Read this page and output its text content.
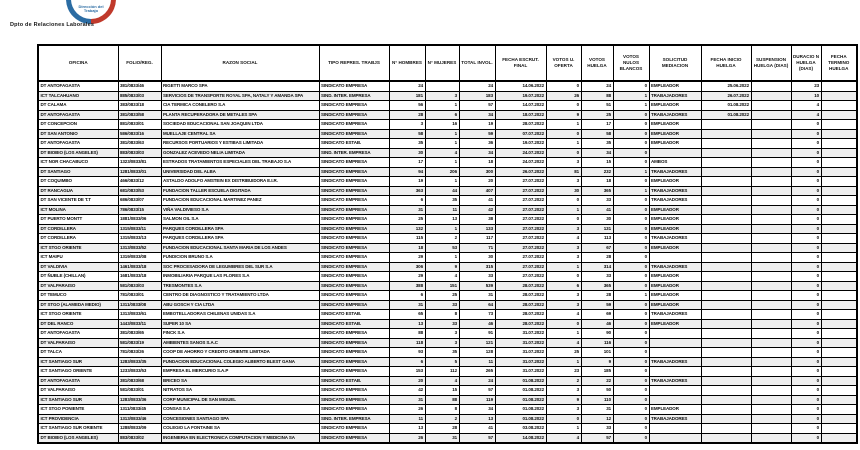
Dirección del
Trabajo
Dpto de Relaciones Laborales
OFICINA	FOLIO/REG.	RAZON SOCIAL	TIPO REPRES. TRABJS	N° HOMBRES	N° MUJERES	TOTAL INVOL.	FECHA ESCRUT. FINAL	VOTOS U. OFERTA	VOTOS HUELGA	VOTOS NULOS BLANCOS	SOLICITUD MEDIACION	FECHA INICIO HUELGA	SUSPENSION HUELGA (DIAS)	DURACIO N HUELGA (DIAS)	FECHA TERMINO HUELGA
DT ANTOFAGASTA	381/0833/46	RIGETTI MARCO SPA	SINDICATO EMPRESA	24		24	14.06.2022	0	24	0	EMPLEADOR	25.06.2022		23	
ICT TALCAHUANO	885/0833/03	SERVICIOS DE TRANSPORTE ROYAL SPA, NATALY Y AMANDA SPA	SIND. INTER. EMPRESA	181	3	183	19.07.2022	26	88	1	TRABAJADORES	26.07.2022		10	
DT CALAMA	383/0833/18	CIA TERMICA CONELERO S.A	SINDICATO EMPRESA	56	1	57	14.07.2022	0	51	1	EMPLEADOR	01.08.2022		4	
DT ANTOFAGASTA	381/0833/58	PLANTA RECUPERADORA DE METALES SPA	SINDICATO EMPRESA	28	6	34	18.07.2022	9	25	0	TRABAJADORES	01.08.2022		4	
DT CONCEPCION	881/0833/01	SOCIEDAD EDUCACIONAL SAN JOAQUIN LTDA	SINDICATO EMPRESA	3	16	19	28.07.2022	1	17	0	EMPLEADOR			0	
DT SAN ANTONIO	586/0833/16	MUELLAJE CENTRAL SA	SINDICATO EMPRESA	58	1	59	07.07.2022	0	58	0	EMPLEADOR			0	
DT ANTOFAGASTA	381/0833/63	RECURSOS PORTUARIOS Y ESTIBAS LIMITADA	SINDICATO ESTAB.	35	1	36	19.07.2022	1	35	0	EMPLEADOR			0	
DT BIOBIO (LOS ANGELES)	883/0833/03	GONZALEZ ACEVEDO NELIA LIMITADA	SIND. INTER. EMPRESA	30	4	34	24.07.2022	0	34	0				0	
ICT NOR CHACABUCO	1323/0833/81	ESTRADOS TRATAMIENTOS ESPECIALES DEL TRABAJO S.A	SINDICATO EMPRESA	17	1	18	24.07.2022	3	15	0	AMBOS			0	
DT SANTIAGO	1281/0833/01	UNIVERSIDAD DEL ALBA	SINDICATO EMPRESA	94	206	300	26.07.2022	81	232	1	TRABAJADORES			0	
DT COQUIMBO	466/0833/12	ASTALDO ADOLFO AMSTEIN EX DISTRIBUIDORA E.I.R.	SINDICATO EMPRESA	19	1	20	27.07.2022	3	18	0	EMPLEADOR			0	
DT RANCAGUA	681/0833/53	FUNDACION TALLER ESCUELA DIGITADA	SINDICATO EMPRESA	363	44	407	27.07.2022	30	365	1	TRABAJADORES			0	
DT SAN VICENTE DE T.T	686/0833/07	FUNDACION EDUCACIONAL MARTINEZ PANEZ	SINDICATO EMPRESA	6	35	41	27.07.2022	0	33	0	TRABAJADORES			0	
ICT MOLINA	786/0833/15	VIÑA VALDIVIESO S.A	SINDICATO EMPRESA	31	11	42	27.07.2022	1	41	0	EMPLEADOR			0	
DT PUERTO MONTT	1881/0833/06	SALMON OIL S.A	SINDICATO EMPRESA	25	13	38	27.07.2022	0	30	0	EMPLEADOR			0	
DT CORDILLERA	1315/0833/11	PARQUES CORDILLERA SPA	SINDICATO EMPRESA	132	1	133	27.07.2022	3	131	0	EMPLEADOR			0	
DT CORDILLERA	1315/0833/13	PARQUES CORDILLERA SPA	SINDICATO EMPRESA	115	2	117	27.07.2022	4	113	0	TRABAJADORES			0	
ICT STGO ORIENTE	1313/0833/52	FUNDACION EDUCACIONAL SANTA MARIA DE LOS ANDES	SINDICATO EMPRESA	18	53	71	27.07.2022	3	67	0	EMPLEADOR			0	
ICT MAIPU	1319/0833/08	FUNDICION BRUNO S.A	SINDICATO EMPRESA	29	1	30	27.07.2022	3	28	0				0	
DT VALDIVIA	1461/0833/18	SOC PROCESADORA DE LEGUMBRES DEL SUR S.A	SINDICATO EMPRESA	306	9	315	27.07.2022	1	314	0	TRABAJADORES			0	
DT ÑUBLE (CHILLAN)	1681/0833/18	INMOBILIARIA PARQUE LAS FLORES S.A	SINDICATO EMPRESA	29	4	33	27.07.2022	0	33	0	EMPLEADOR			0	
DT VALPARAISO	581/0833/03	TRESMONTES S.A	SINDICATO EMPRESA	388	151	539	28.07.2022	6	365	0	EMPLEADOR			0	
DT TEMUCO	781/0833/01	CENTRO DE DIAGNOSTICO Y TRATAMIENTO LTDA	SINDICATO EMPRESA	6	25	31	28.07.2022	3	28	1	EMPLEADOR			0	
DT STGO (ALAMEDA MEDIO)	1311/0833/08	ABU GOSCH Y CIA LTDA	SINDICATO EMPRESA	31	33	64	28.07.2022	3	59	0	EMPLEADOR			0	
ICT STGO ORIENTE	1313/0833/61	EMBOTELLADORAS CHILENAS UNIDAS S.A	SINDICATO ESTAB.	65	8	73	28.07.2022	4	69	0	TRABAJADORES			0	
DT DEL RANCO	1443/0833/11	SUPER 10 SA	SINDICATO ESTAB.	13	33	46	28.07.2022	0	46	0	EMPLEADOR			0	
DT ANTOFAGASTA	381/0833/65	FINCK S.A	SINDICATO EMPRESA	88	3	91	31.07.2022	1	90	0				0	
DT VALPARAISO	581/0833/19	AMBIENTES SANOS S.A.C	SINDICATO EMPRESA	118	3	121	31.07.2022	4	116	0				0	
DT TALCA	781/0833/26	COOP DE AHORRO Y CREDITO ORIENTE LIMITADA	SINDICATO EMPRESA	93	35	128	31.07.2022	25	101	0				0	
ICT SANTIAGO SUR	1283/0833/35	FUNDACION EDUCACIONAL COLEGIO ALBERTO BLEST GANA	SINDICATO EMPRESA	6	5	11	31.07.2022	1	9	0	TRABAJADORES			0	
ICT SANTIAGO ORIENTE	1233/0833/53	EMPRESA EL MERCURIO S.A.P	SINDICATO EMPRESA	153	112	265	31.07.2022	23	185	0				0	
DT ANTOFAGASTA	381/0833/68	BRICEO SA	SINDICATO ESTAB.	20	4	24	01.08.2022	2	22	0	TRABAJADORES			0	
DT VALPARAISO	581/0833/01	NITRATOS SA	SINDICATO EMPRESA	42	15	57	01.08.2022	3	50	0				0	
ICT SANTIAGO SUR	1283/0833/36	CORP MUNICIPAL DE SAN MIGUEL	SINDICATO EMPRESA	31	88	119	01.08.2022	9	110	0				0	
ICT STGO PONIENTE	1311/0833/45	CONSAS S.A	SINDICATO EMPRESA	26	8	34	01.08.2022	3	31	0	EMPLEADOR			0	
ICT PROVIDENCIA	1313/0833/46	CONCESIONES SANTIAGO SPA	SIND. INTER. EMPRESA	11	2	13	01.08.2022	0	12	0	TRABAJADORES			0	
ICT SANTIAGO SUR ORIENTE	1288/0833/09	COLEGIO LA FONTAINE SA	SINDICATO EMPRESA	13	28	41	03.08.2022	1	33	0				0	
DT BIOBIO (LOS ANGELES)	883/0833/02	INGENIERIA EN ELECTRONICA COMPUTACION Y MEDICINA SA	SINDICATO EMPRESA	26	31	57	14.08.2022	4	57	0				0	
